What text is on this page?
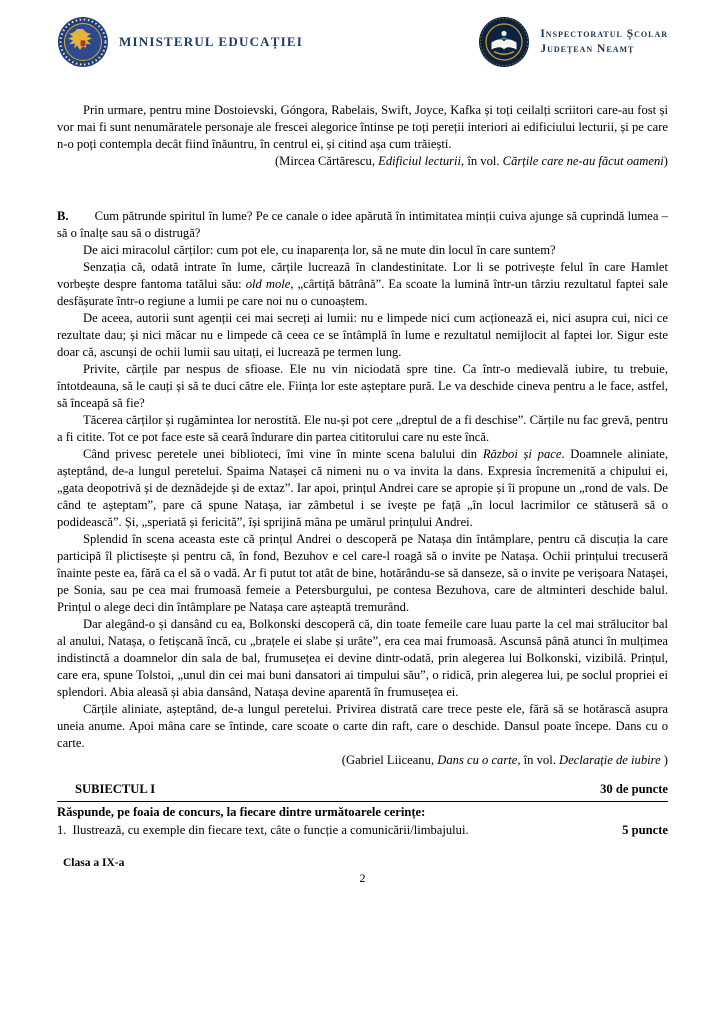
MINISTERUL EDUCAȚIEI	Inspectoratul Școlar
Județean Neamț

Prin urmare, pentru mine Dostoievski, Góngora, Rabelais, Swift, Joyce, Kafka și toți ceilalți scriitori care-au fost și vor mai fi sunt nenumăratele personaje ale frescei alegorice întinse pe toți pereții interiori ai edificiului lecturii, și pe care n-o poți contempla decât fiind înăuntru, în centrul ei, și citind așa cum trăiești.

(Mircea Cărtărescu, Edificiul lecturii, în vol. Cărțile care ne-au făcut oameni)

B. Cum pătrunde spiritul în lume? Pe ce canale o idee apărută în intimitatea minții cuiva ajunge să cuprindă lumea – să o înalțe sau să o distrugă?

De aici miracolul cărților: cum pot ele, cu inaparența lor, să ne mute din locul în care suntem?

Senzația că, odată intrate în lume, cărțile lucrează în clandestinitate. Lor li se potrivește felul în care Hamlet vorbește despre fantoma tatălui său: old mole, „cârtiță bătrână”. Ea scoate la lumină într-un târziu rezultatul faptei sale desfășurate într-o regiune a lumii pe care noi nu o cunoaștem.

De aceea, autorii sunt agenții cei mai secreți ai lumii: nu e limpede nici cum acționează ei, nici asupra cui, nici ce rezultate dau; și nici măcar nu e limpede că ceea ce se întâmplă în lume e rezultatul nemijlocit al faptei lor. Sigur este doar că, ascunși de ochii lumii sau uitați, ei lucrează pe termen lung.

Privite, cărțile par nespus de sfioase. Ele nu vin niciodată spre tine. Ca într-o medievală iubire, tu trebuie, întotdeauna, să le cauți și să te duci către ele. Ființa lor este așteptare pură. Le va deschide cineva pentru a le face, astfel, să înceapă să fie?

Tăcerea cărților și rugămintea lor nerostită. Ele nu-și pot cere „dreptul de a fi deschise”. Cărțile nu fac grevă, pentru a fi citite. Tot ce pot face este să ceară îndurare din partea cititorului care nu este încă.

Când privesc peretele unei biblioteci, îmi vine în minte scena balului din Război și pace. Doamnele aliniate, așteptând, de-a lungul peretelui. Spaima Natașei că nimeni nu o va invita la dans. Expresia încremenită a chipului ei, „gata deopotrivă și de deznădejde și de extaz”. Iar apoi, prințul Andrei care se apropie și îi propune un „rond de vals. De când te așteptam”, pare că spune Natașa, iar zâmbetul i se ivește pe față „în locul lacrimilor ce stătuseră să o podidească”. Și, „speriată și fericită”, își sprijină mâna pe umărul prințului Andrei.

Splendid în scena aceasta este că prințul Andrei o descoperă pe Natașa din întâmplare, pentru că discuția la care participă îl plictisește și pentru că, în fond, Bezuhov e cel care-l roagă să o invite pe Natașa. Ochii prințului trecuseră înainte peste ea, fără ca el să o vadă. Ar fi putut tot atât de bine, hotărându-se să danseze, să o invite pe verișoara Natașei, pe Sonia, sau pe cea mai frumoasă femeie a Petersburgului, pe contesa Bezuhova, care de altminteri deschide balul. Prințul o alege deci din întâmplare pe Natașa care așteaptă tremurând.

Dar alegând-o și dansând cu ea, Bolkonski descoperă că, din toate femeile care luau parte la cel mai strălucitor bal al anului, Natașa, o fetișcană încă, cu „brațele ei slabe și urâte”, era cea mai frumoasă. Ascunsă până atunci în mulțimea indistinctă a doamnelor din sala de bal, frumusețea ei devine dintr-odată, prin alegerea lui Bolkonski, vizibilă. Prințul, care era, spune Tolstoi, „unul din cei mai buni dansatori ai timpului său”, o ridică, prin alegerea lui, pe soclul propriei ei splendori. Abia aleasă și abia dansând, Natașa devine aparentă în frumusețea ei.

Cărțile aliniate, așteptând, de-a lungul peretelui. Privirea distrată care trece peste ele, fără să se hotărască asupra uneia anume. Apoi mâna care se întinde, care scoate o carte din raft, care o deschide. Dansul poate începe. Dans cu o carte.

(Gabriel Liiceanu, Dans cu o carte, în vol. Declarație de iubire )

SUBIECTUL I	30 de puncte
Răspunde, pe foaia de concurs, la fiecare dintre următoarele cerințe:
1. Ilustrează, cu exemple din fiecare text, câte o funcție a comunicării/limbajului.	5 puncte
Clasa a IX-a
2
